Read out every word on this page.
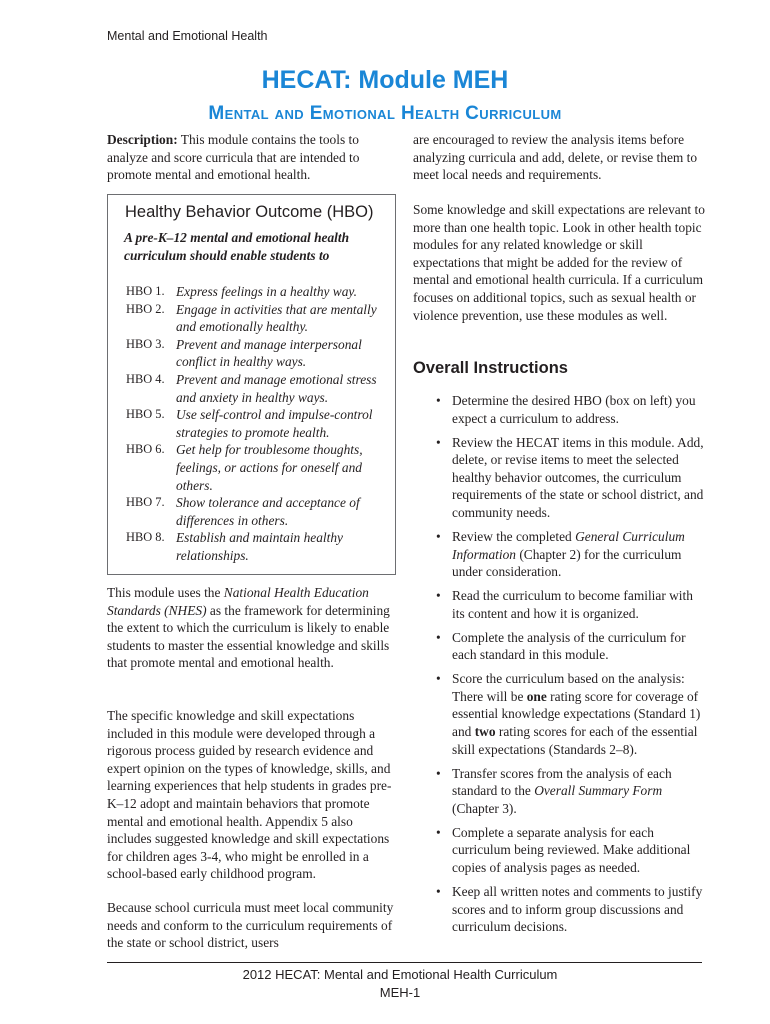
Mental and Emotional Health
HECAT: Module MEH
Mental and Emotional Health Curriculum

Description: This module contains the tools to analyze and score curricula that are intended to promote mental and emotional health.

Healthy Behavior Outcome (HBO)
A pre-K–12 mental and emotional health curriculum should enable students to
HBO 1. Express feelings in a healthy way.
HBO 2. Engage in activities that are mentally and emotionally healthy.
HBO 3. Prevent and manage interpersonal conflict in healthy ways.
HBO 4. Prevent and manage emotional stress and anxiety in healthy ways.
HBO 5. Use self-control and impulse-control strategies to promote health.
HBO 6. Get help for troublesome thoughts, feelings, or actions for oneself and others.
HBO 7. Show tolerance and acceptance of differences in others.
HBO 8. Establish and maintain healthy relationships.

This module uses the National Health Education Standards (NHES) as the framework for determining the extent to which the curriculum is likely to enable students to master the essential knowledge and skills that promote mental and emotional health.

The specific knowledge and skill expectations included in this module were developed through a rigorous process guided by research evidence and expert opinion on the types of knowledge, skills, and learning experiences that help students in grades pre-K–12 adopt and maintain behaviors that promote mental and emotional health. Appendix 5 also includes suggested knowledge and skill expectations for children ages 3-4, who might be enrolled in a school-based early childhood program.

Because school curricula must meet local community needs and conform to the curriculum requirements of the state or school district, users

are encouraged to review the analysis items before analyzing curricula and add, delete, or revise them to meet local needs and requirements.

Some knowledge and skill expectations are relevant to more than one health topic. Look in other health topic modules for any related knowledge or skill expectations that might be added for the review of mental and emotional health curricula. If a curriculum focuses on additional topics, such as sexual health or violence prevention, use these modules as well.

Overall Instructions
• Determine the desired HBO (box on left) you expect a curriculum to address.
• Review the HECAT items in this module. Add, delete, or revise items to meet the selected healthy behavior outcomes, the curriculum requirements of the state or school district, and community needs.
• Review the completed General Curriculum Information (Chapter 2) for the curriculum under consideration.
• Read the curriculum to become familiar with its content and how it is organized.
• Complete the analysis of the curriculum for each standard in this module.
• Score the curriculum based on the analysis: There will be one rating score for coverage of essential knowledge expectations (Standard 1) and two rating scores for each of the essential skill expectations (Standards 2–8).
• Transfer scores from the analysis of each standard to the Overall Summary Form (Chapter 3).
• Complete a separate analysis for each curriculum being reviewed. Make additional copies of analysis pages as needed.
• Keep all written notes and comments to justify scores and to inform group discussions and curriculum decisions.
2012 HECAT: Mental and Emotional Health Curriculum
MEH-1
